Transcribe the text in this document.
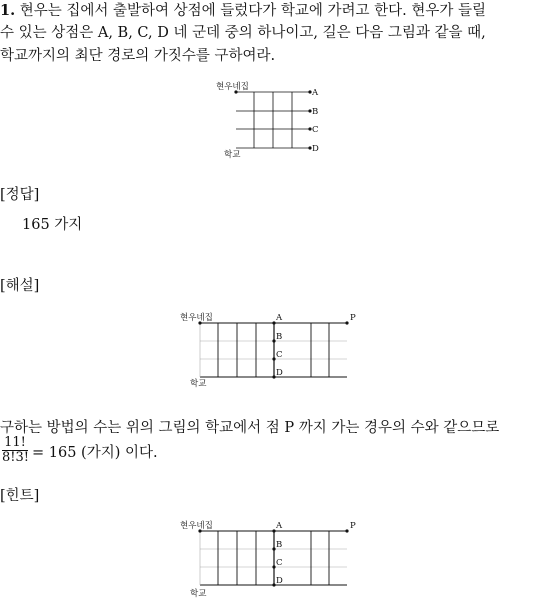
1. 현우는 집에서 출발하여 상점에 들렀다가 학교에 가려고 한다. 현우가 들릴
수 있는 상점은 A, B, C, D 네 군데 중의 하나이고, 길은 다음 그림과 같을 때,
학교까지의 최단 경로의 가짓수를 구하여라.
현우네집
학교
A
B
C
D
[정답]
165 가지
[해설]
현우네집
학교
A
B
C
D
P
구하는 방법의 수는 위의 그림의 학교에서 점 P 까지 가는 경우의 수와 같으므로
$\frac{11!}{8!3!} = 165$ (가지) 이다.
[힌트]
현우네집
학교
A
B
C
D
P
